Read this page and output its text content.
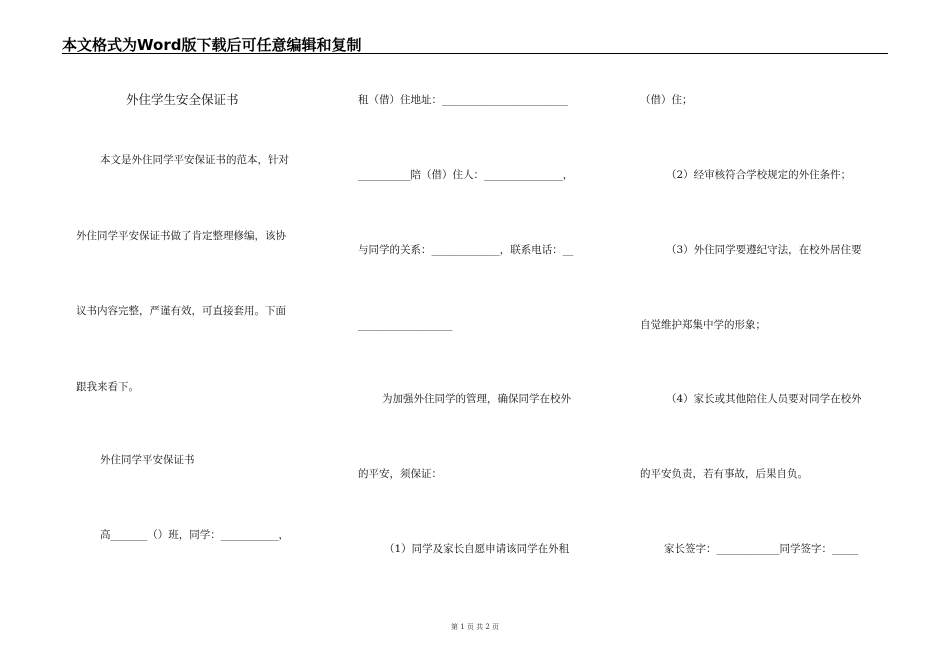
本文格式为Word版下载后可任意编辑和复制
外住学生安全保证书
本文是外住同学平安保证书的范本，针对
外住同学平安保证书做了肯定整理修编，该协
议书内容完整，严谨有效，可直接套用。下面
跟我来看下。
外住同学平安保证书
高_______（）班，同学：___________，
租（借）住地址：________________________
__________陪（借）住人：_______________，
与同学的关系：_____________，联系电话：__
__________________
为加强外住同学的管理，确保同学在校外
的平安，须保证：
（1）同学及家长自愿申请该同学在外租
（借）住；
（2）经审核符合学校规定的外住条件；
（3）外住同学要遵纪守法，在校外居住要
自觉维护郑集中学的形象；
（4）家长或其他陪住人员要对同学在校外
的平安负责，若有事故，后果自负。
家长签字：____________同学签字：_____
第 1 页 共 2 页
